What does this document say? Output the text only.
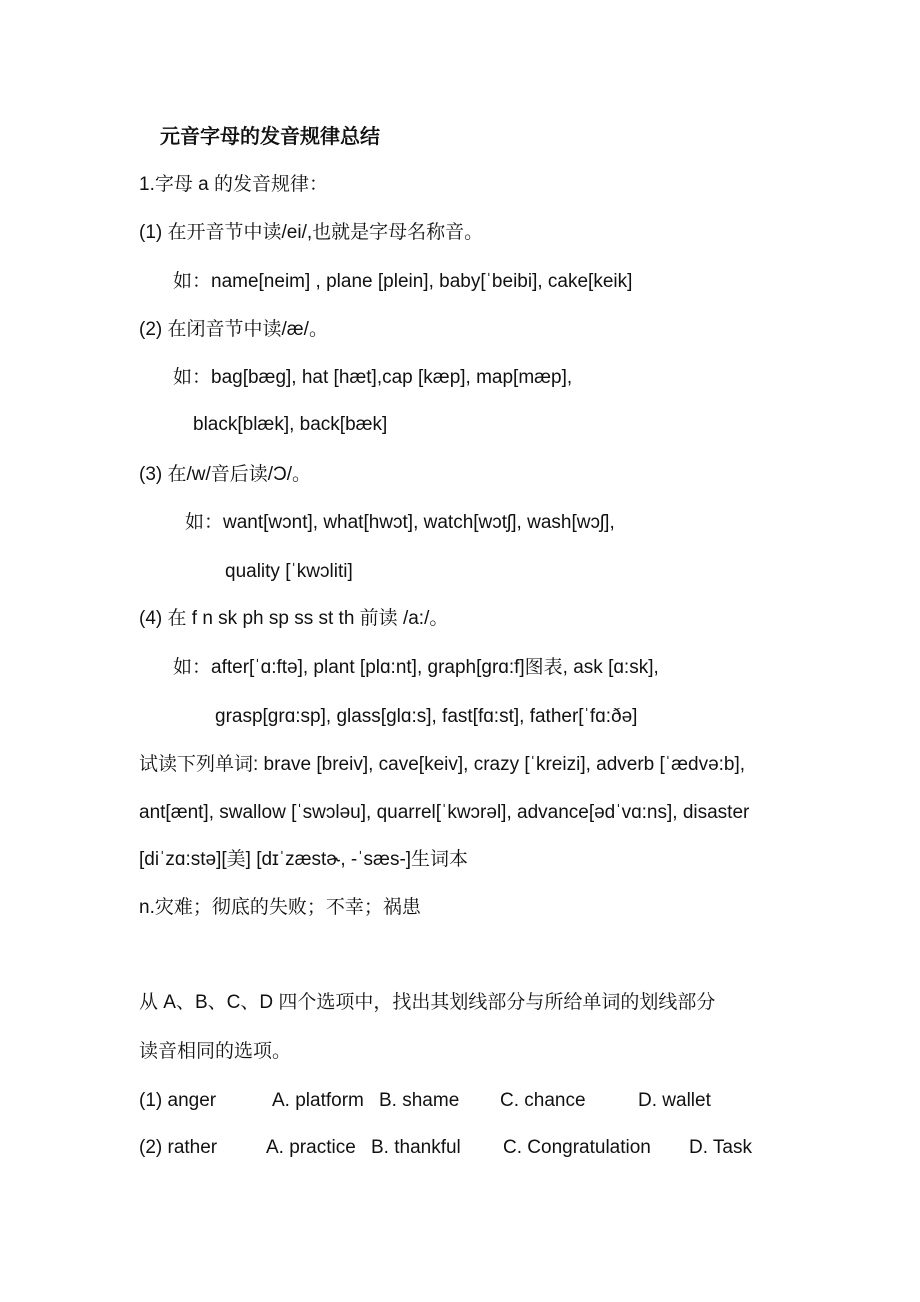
元音字母的发音规律总结
1.字母 a 的发音规律：
(1) 在开音节中读/ei/,也就是字母名称音。
如：name[neim] , plane [plein], baby[ˈbeibi], cake[keik]
(2) 在闭音节中读/æ/。
如：bag[bæɡ], hat [hæt],cap [kæp], map[mæp],
black[blæk], back[bæk]
(3) 在/w/音后读/Ɔ/。
如：want[wɔnt], what[hwɔt], watch[wɔtʃ], wash[wɔʃ],
quality [ˈkwɔliti]
(4) 在 f n sk ph sp ss st th 前读 /a:/。
如：after[ˈɑ:ftə], plant [plɑ:nt], graph[ɡrɑ:f]图表, ask [ɑ:sk],
grasp[ɡrɑ:sp], glass[ɡlɑ:s], fast[fɑ:st], father[ˈfɑ:ðə]
试读下列单词: brave [breiv], cave[keiv], crazy [ˈkreizi], adverb [ˈædvə:b],
ant[ænt], swallow [ˈswɔləu], quarrel[ˈkwɔrəl], advance[ədˈvɑ:ns], disaster
[diˈzɑ:stə][美] [dɪˈzæstɚ, -ˈsæs-]生词本
n.灾难；彻底的失败；不幸；祸患
从 A、B、C、D 四个选项中，找出其划线部分与所给单词的划线部分
读音相同的选项。
(1) anger	A. platform B. shame C. chance	D. wallet
(2) rather	A. practice B. thankful C. Congratulation D. Task
